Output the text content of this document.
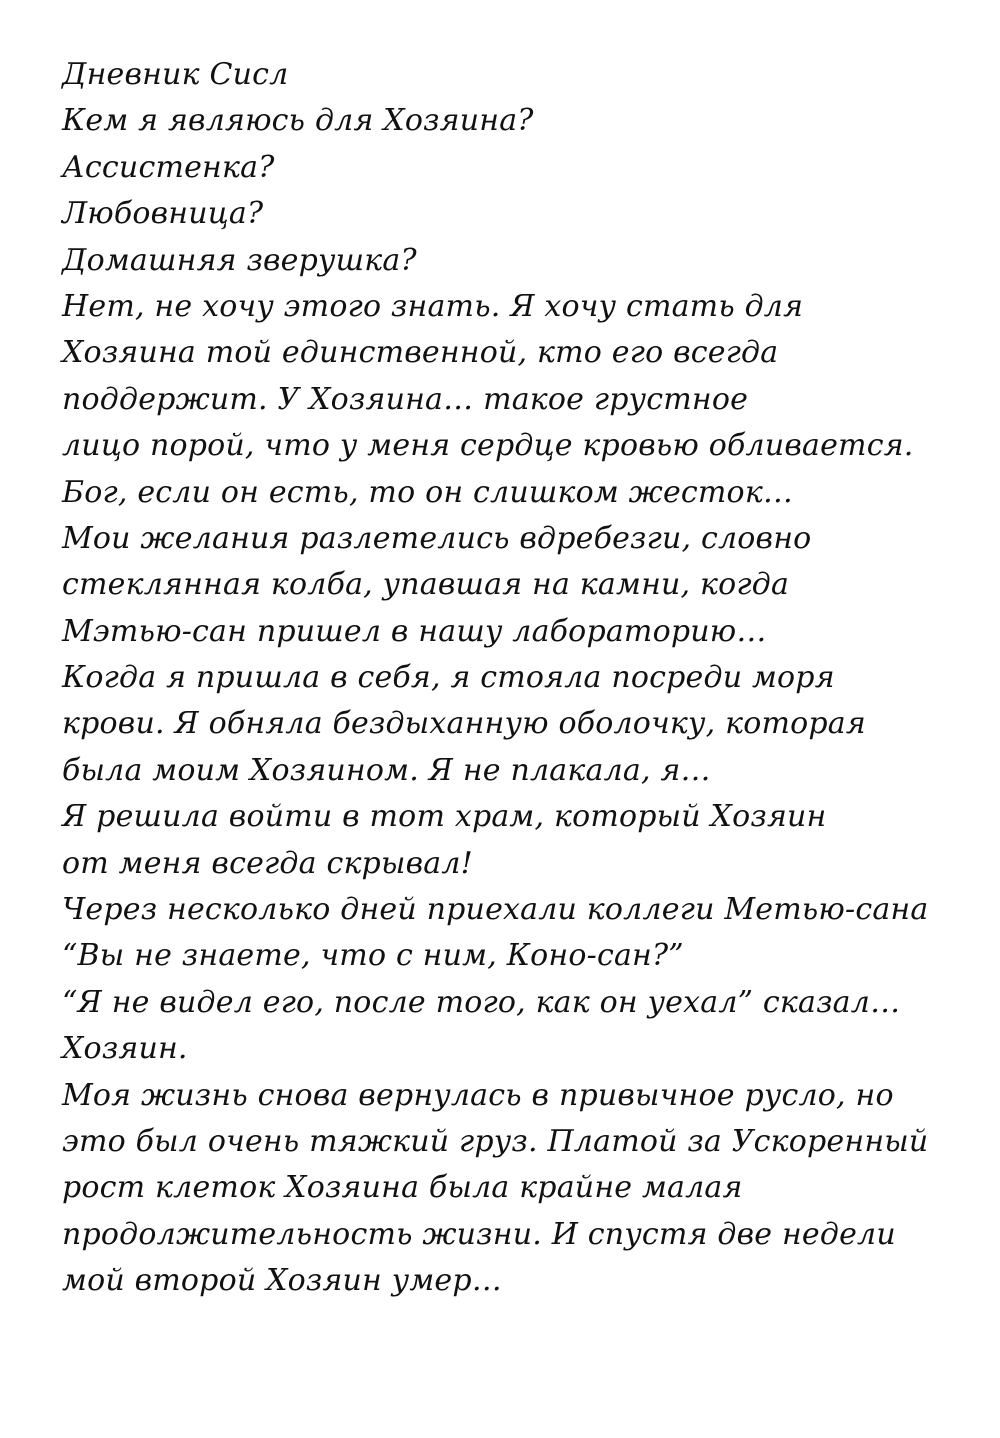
Дневник Сисл
Кем я являюсь для Хозяина?
Ассистенка?
Любовница?
Домашняя зверушка?
Нет, не хочу этого знать. Я хочу стать для
Хозяина той единственной, кто его всегда
поддержит. У Хозяина… такое грустное
лицо порой, что у меня сердце кровью обливается.
Бог, если он есть, то он слишком жесток…
Мои желания разлетелись вдребезги, словно
стеклянная колба, упавшая на камни, когда
Мэтью-сан пришел в нашу лабораторию…
Когда я пришла в себя, я стояла посреди моря
крови. Я обняла бездыханную оболочку, которая
была моим Хозяином. Я не плакала, я…
Я решила войти в тот храм, который Хозяин
от меня всегда скрывал!
Через несколько дней приехали коллеги Метью-сана
“Вы не знаете, что с ним, Коно-сан?”
“Я не видел его, после того, как он уехал” сказал…
Хозяин.
Моя жизнь снова вернулась в привычное русло, но
это был очень тяжкий груз. Платой за Ускоренный
рост клеток Хозяина была крайне малая
продолжительность жизни. И спустя две недели
мой второй Хозяин умер…
